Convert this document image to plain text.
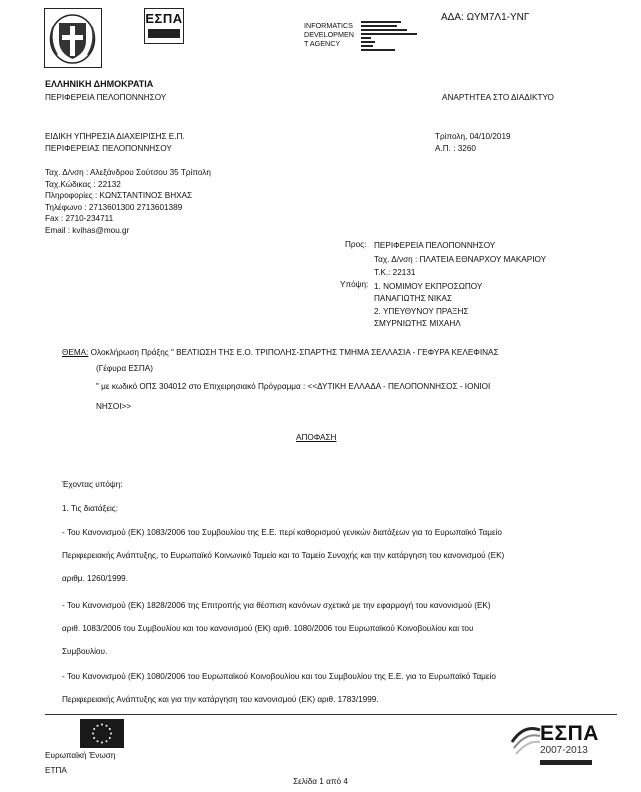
ΕΣΠΑ	INFORMATICS
DEVELOPMEN
T AGENCY
ΑΔΑ: ΩΥΜ7Λ1-ΥΝΓ
ΕΛΛΗΝΙΚΗ ΔΗΜΟΚΡΑΤΙΑ
ΠΕΡΙΦΕΡΕΙΑ ΠΕΛΟΠΟΝΝΗΣΟΥ	ΑΝΑΡΤΗΤΕΑ ΣΤΟ ΔΙΑΔΙΚΤΥΟ
ΕΙΔΙΚΗ ΥΠΗΡΕΣΙΑ ΔΙΑΧΕΙΡΙΣΗΣ Ε.Π.
ΠΕΡΙΦΕΡΕΙΑΣ ΠΕΛΟΠΟΝΝΗΣΟΥ
Τρίπολη, 04/10/2019
Α.Π. : 3260
Ταχ. Δ/νση : Αλεξάνδρου Σούτσου 35 Τρίπολη
Ταχ.Κώδικας : 22132
Πληροφορίες : ΚΩΝΣΤΑΝΤΙΝΟΣ ΒΗΧΑΣ
Τηλέφωνο : 2713601300 2713601389
Fax : 2710-234711
Email : kvihas@mou.gr
Προς: ΠΕΡΙΦΕΡΕΙΑ ΠΕΛΟΠΟΝΝΗΣΟΥ
Ταχ. Δ/νση : ΠΛΑΤΕΙΑ ΕΘΝΑΡΧΟΥ ΜΑΚΑΡΙΟΥ
Τ.Κ.: 22131
1. ΝΟΜΙΜΟΥ ΕΚΠΡΟΣΩΠΟΥ
ΠΑΝΑΓΙΩΤΗΣ ΝΙΚΑΣ
2. ΥΠΕΥΘΥΝΟΥ ΠΡΑΞΗΣ
ΣΜΥΡΝΙΩΤΗΣ ΜΙΧΑΗΛ
Υπόψη:
ΘΕΜΑ: Ολοκλήρωση Πράξης " ΒΕΛΤΙΩΣΗ ΤΗΣ Ε.Ο. ΤΡΙΠΟΛΗΣ-ΣΠΑΡΤΗΣ ΤΜΗΜΑ ΣΕΛΛΑΣΙΑ - ΓΕΦΥΡΑ ΚΕΛΕΦΙΝΑΣ
(Γέφυρα ΕΣΠΑ)
" με κωδικό ΟΠΣ 304012 στο Επιχειρησιακό Πρόγραμμα : <<ΔΥΤΙΚΗ ΕΛΛΑΔΑ - ΠΕΛΟΠΟΝΝΗΣΟΣ - ΙΟΝΙΟΙ
ΝΗΣΟΙ>>
ΑΠΟΦΑΣΗ
Έχοντας υπόψη:
1. Τις διατάξεις:
- Του Κανονισμού (ΕΚ) 1083/2006 του Συμβουλίου της Ε.Ε. περί καθορισμού γενικών διατάξεων για το Ευρωπαϊκό Ταμείο
Περιφερειακής Ανάπτυξης, το Ευρωπαϊκό Κοινωνικό Ταμείο και το Ταμείο Συνοχής και την κατάργηση του κανονισμού (ΕΚ)
αριθμ. 1260/1999.
- Του Κανονισμού (ΕΚ) 1828/2006 της Επιτροπής για θέσπιση κανόνων σχετικά με την εφαρμογή του κανονισμού (ΕΚ)
αριθ. 1083/2006 του Συμβουλίου και του κανονισμού (ΕΚ) αριθ. 1080/2006 του Ευρωπαϊκού Κοινοβουλίου και του
Συμβουλίου.
- Του Κανονισμού (ΕΚ) 1080/2006 του Ευρωπαϊκού Κοινοβουλίου και του Συμβουλίου της Ε.Ε. για το Ευρωπαϊκό Ταμείο
Περιφερειακής Ανάπτυξης και για την κατάργηση του κανονισμού (ΕΚ) αριθ. 1783/1999.
Ευρωπαϊκή Ένωση
ΕΤΠΑ
ΕΣΠΑ
2007-2013
Σελίδα 1 από 4
